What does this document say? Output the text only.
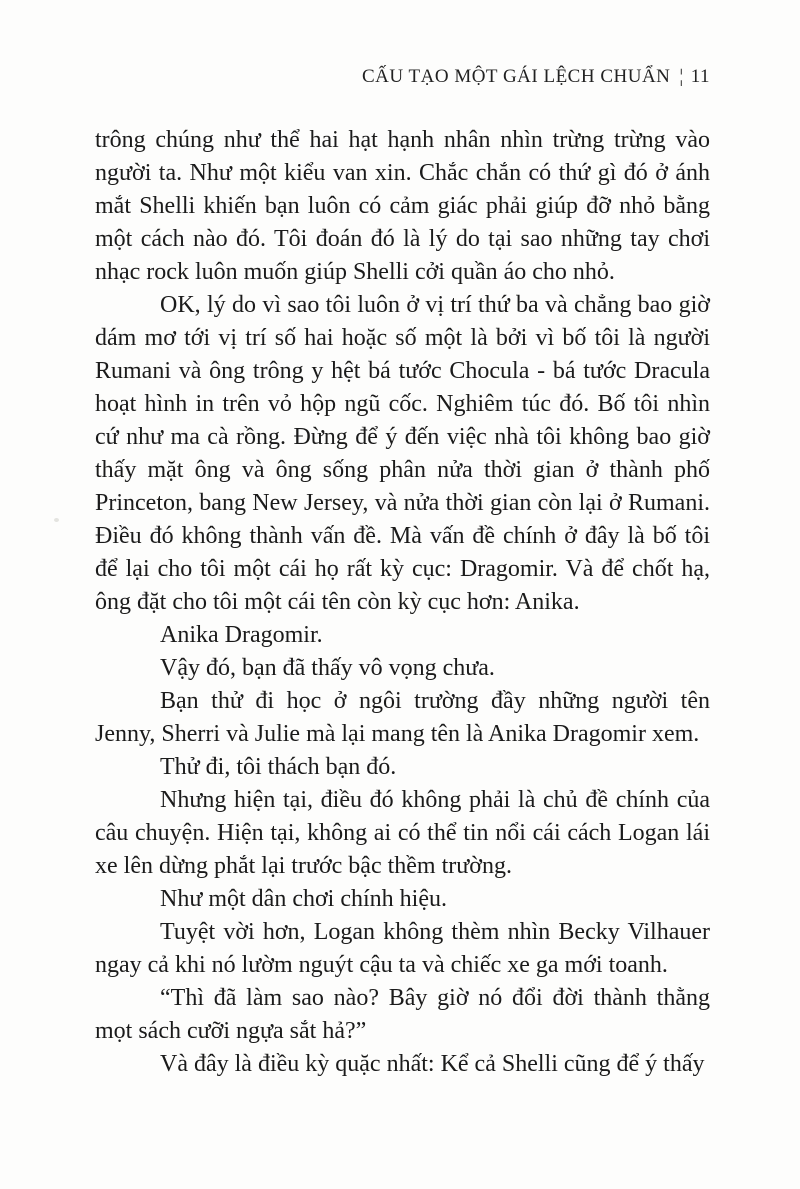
CẤU TẠO MỘT GÁI LỆCH CHUẨN ¦ 11

trông chúng như thể hai hạt hạnh nhân nhìn trừng trừng vào người ta. Như một kiểu van xin. Chắc chắn có thứ gì đó ở ánh mắt Shelli khiến bạn luôn có cảm giác phải giúp đỡ nhỏ bằng một cách nào đó. Tôi đoán đó là lý do tại sao những tay chơi nhạc rock luôn muốn giúp Shelli cởi quần áo cho nhỏ.

OK, lý do vì sao tôi luôn ở vị trí thứ ba và chẳng bao giờ dám mơ tới vị trí số hai hoặc số một là bởi vì bố tôi là người Rumani và ông trông y hệt bá tước Chocula - bá tước Dracula hoạt hình in trên vỏ hộp ngũ cốc. Nghiêm túc đó. Bố tôi nhìn cứ như ma cà rồng. Đừng để ý đến việc nhà tôi không bao giờ thấy mặt ông và ông sống phân nửa thời gian ở thành phố Princeton, bang New Jersey, và nửa thời gian còn lại ở Rumani. Điều đó không thành vấn đề. Mà vấn đề chính ở đây là bố tôi để lại cho tôi một cái họ rất kỳ cục: Dragomir. Và để chốt hạ, ông đặt cho tôi một cái tên còn kỳ cục hơn: Anika.

Anika Dragomir.

Vậy đó, bạn đã thấy vô vọng chưa.

Bạn thử đi học ở ngôi trường đầy những người tên Jenny, Sherri và Julie mà lại mang tên là Anika Dragomir xem.

Thử đi, tôi thách bạn đó.

Nhưng hiện tại, điều đó không phải là chủ đề chính của câu chuyện. Hiện tại, không ai có thể tin nổi cái cách Logan lái xe lên dừng phắt lại trước bậc thềm trường.

Như một dân chơi chính hiệu.

Tuyệt vời hơn, Logan không thèm nhìn Becky Vilhauer ngay cả khi nó lườm nguýt cậu ta và chiếc xe ga mới toanh.

“Thì đã làm sao nào? Bây giờ nó đổi đời thành thằng mọt sách cưỡi ngựa sắt hả?”

Và đây là điều kỳ quặc nhất: Kể cả Shelli cũng để ý thấy
